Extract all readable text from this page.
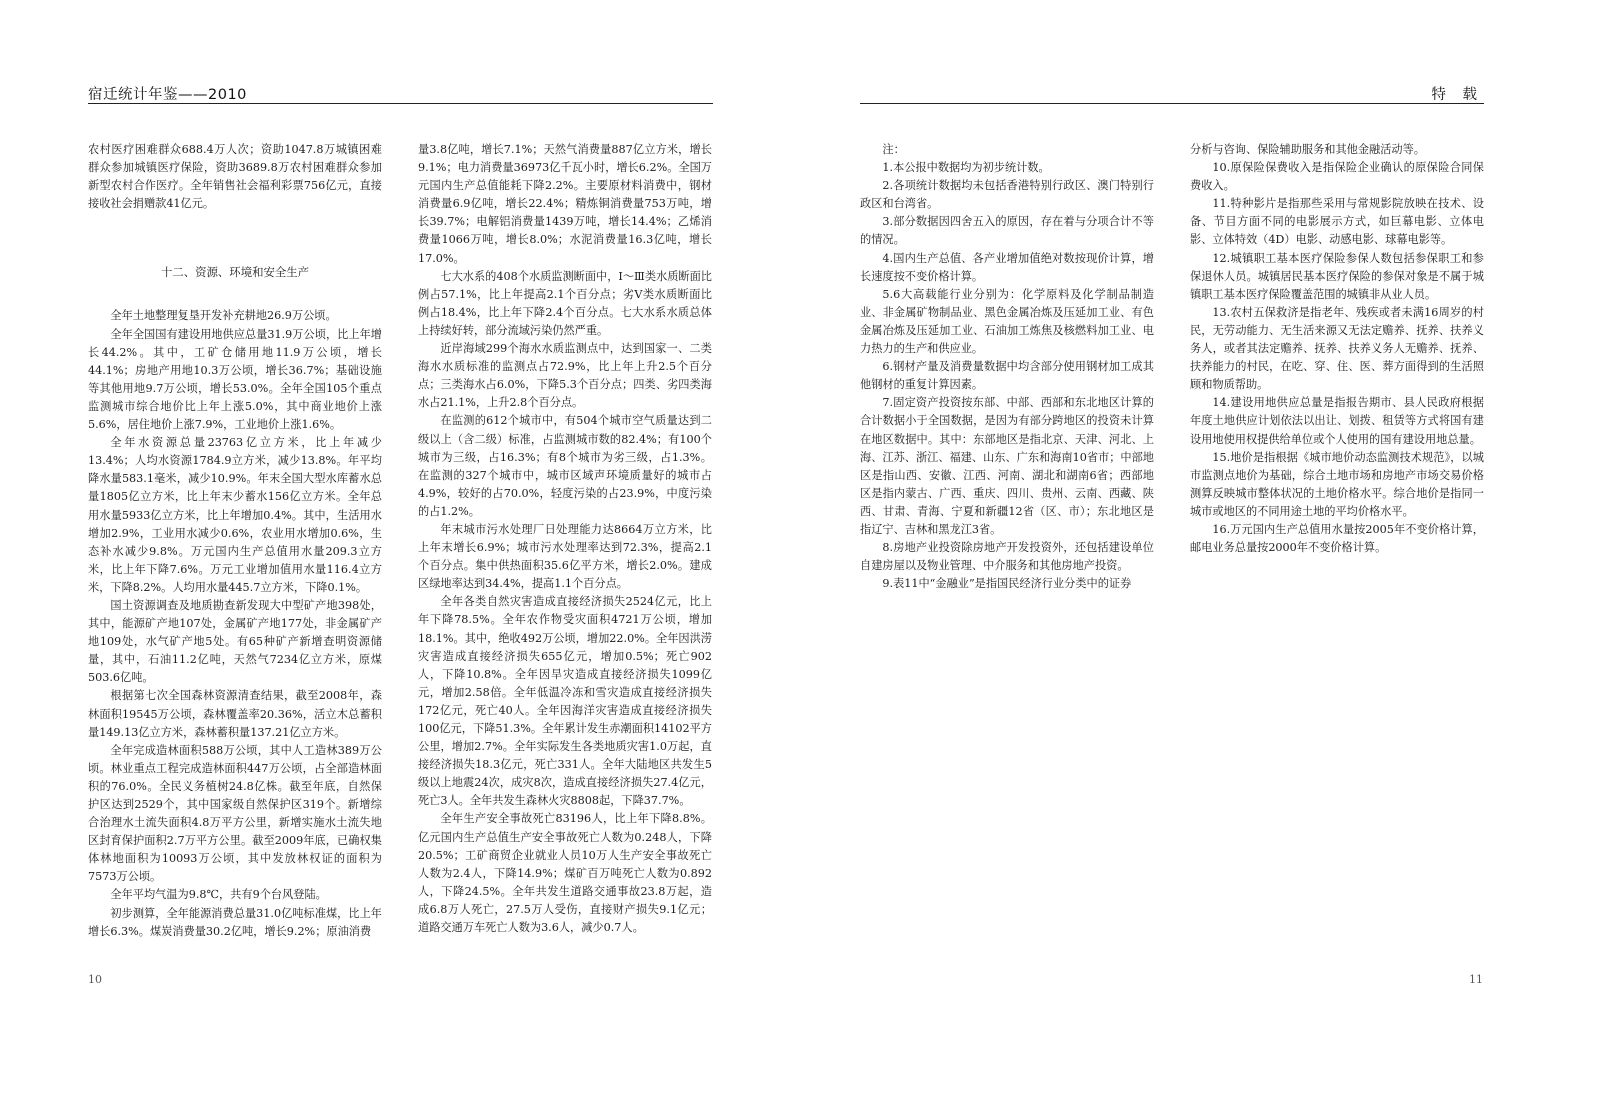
宿迁统计年鉴——2010

农村医疗困难群众688.4万人次；资助1047.8万城镇困难群众参加城镇医疗保险，资助3689.8万农村困难群众参加新型农村合作医疗。全年销售社会福利彩票756亿元，直接接收社会捐赠款41亿元。

十二、资源、环境和安全生产

全年土地整理复垦开发补充耕地26.9万公顷。

全年全国国有建设用地供应总量31.9万公顷，比上年增长44.2%。其中，工矿仓储用地11.9万公顷，增长44.1%；房地产用地10.3万公顷，增长36.7%；基础设施等其他用地9.7万公顷，增长53.0%。全年全国105个重点监测城市综合地价比上年上涨5.0%，其中商业地价上涨5.6%，居住地价上涨7.9%，工业地价上涨1.6%。

全年水资源总量23763亿立方米，比上年减少13.4%；人均水资源1784.9立方米，减少13.8%。年平均降水量583.1毫米，减少10.9%。年末全国大型水库蓄水总量1805亿立方米，比上年末少蓄水156亿立方米。全年总用水量5933亿立方米，比上年增加0.4%。其中，生活用水增加2.9%，工业用水减少0.6%，农业用水增加0.6%，生态补水减少9.8%。万元国内生产总值用水量209.3立方米，比上年下降7.6%。万元工业增加值用水量116.4立方米，下降8.2%。人均用水量445.7立方米，下降0.1%。

国土资源调查及地质勘查新发现大中型矿产地398处，其中，能源矿产地107处，金属矿产地177处，非金属矿产地109处，水气矿产地5处。有65种矿产新增查明资源储量，其中，石油11.2亿吨，天然气7234亿立方米，原煤503.6亿吨。

根据第七次全国森林资源清查结果，截至2008年，森林面积19545万公顷，森林覆盖率20.36%，活立木总蓄积量149.13亿立方米，森林蓄积量137.21亿立方米。

全年完成造林面积588万公顷，其中人工造林389万公顷。林业重点工程完成造林面积447万公顷，占全部造林面积的76.0%。全民义务植树24.8亿株。截至年底，自然保护区达到2529个，其中国家级自然保护区319个。新增综合治理水土流失面积4.8万平方公里，新增实施水土流失地区封育保护面积2.7万平方公里。截至2009年底，已确权集体林地面积为10093万公顷，其中发放林权证的面积为7573万公顷。

全年平均气温为9.8℃，共有9个台风登陆。

初步测算，全年能源消费总量31.0亿吨标准煤，比上年增长6.3%。煤炭消费量30.2亿吨，增长9.2%；原油消费

量3.8亿吨，增长7.1%；天然气消费量887亿立方米，增长9.1%；电力消费量36973亿千瓦小时，增长6.2%。全国万元国内生产总值能耗下降2.2%。主要原材料消费中，钢材消费量6.9亿吨，增长22.4%；精炼铜消费量753万吨，增长39.7%；电解铝消费量1439万吨，增长14.4%；乙烯消费量1066万吨，增长8.0%；水泥消费量16.3亿吨，增长17.0%。

七大水系的408个水质监测断面中，Ⅰ～Ⅲ类水质断面比例占57.1%，比上年提高2.1个百分点；劣Ⅴ类水质断面比例占18.4%，比上年下降2.4个百分点。七大水系水质总体上持续好转，部分流域污染仍然严重。

近岸海域299个海水水质监测点中，达到国家一、二类海水水质标准的监测点占72.9%，比上年上升2.5个百分点；三类海水占6.0%，下降5.3个百分点；四类、劣四类海水占21.1%，上升2.8个百分点。

在监测的612个城市中，有504个城市空气质量达到二级以上（含二级）标准，占监测城市数的82.4%；有100个城市为三级，占16.3%；有8个城市为劣三级，占1.3%。在监测的327个城市中，城市区域声环境质量好的城市占4.9%，较好的占70.0%，轻度污染的占23.9%，中度污染的占1.2%。

年末城市污水处理厂日处理能力达8664万立方米，比上年末增长6.9%；城市污水处理率达到72.3%，提高2.1个百分点。集中供热面积35.6亿平方米，增长2.0%。建成区绿地率达到34.4%，提高1.1个百分点。

全年各类自然灾害造成直接经济损失2524亿元，比上年下降78.5%。全年农作物受灾面积4721万公顷，增加18.1%。其中，绝收492万公顷，增加22.0%。全年因洪涝灾害造成直接经济损失655亿元，增加0.5%；死亡902人，下降10.8%。全年因旱灾造成直接经济损失1099亿元，增加2.58倍。全年低温冷冻和雪灾造成直接经济损失172亿元，死亡40人。全年因海洋灾害造成直接经济损失100亿元，下降51.3%。全年累计发生赤潮面积14102平方公里，增加2.7%。全年实际发生各类地质灾害1.0万起，直接经济损失18.3亿元，死亡331人。全年大陆地区共发生5级以上地震24次，成灾8次，造成直接经济损失27.4亿元，死亡3人。全年共发生森林火灾8808起，下降37.7%。

全年生产安全事故死亡83196人，比上年下降8.8%。亿元国内生产总值生产安全事故死亡人数为0.248人，下降20.5%；工矿商贸企业就业人员10万人生产安全事故死亡人数为2.4人，下降14.9%；煤矿百万吨死亡人数为0.892人，下降24.5%。全年共发生道路交通事故23.8万起，造成6.8万人死亡，27.5万人受伤，直接财产损失9.1亿元；道路交通万车死亡人数为3.6人，减少0.7人。

10
特 载

注：

1.本公报中数据均为初步统计数。

2.各项统计数据均未包括香港特别行政区、澳门特别行政区和台湾省。

3.部分数据因四舍五入的原因，存在着与分项合计不等的情况。

4.国内生产总值、各产业增加值绝对数按现价计算，增长速度按不变价格计算。

5.6大高载能行业分别为：化学原料及化学制品制造业、非金属矿物制品业、黑色金属冶炼及压延加工业、有色金属冶炼及压延加工业、石油加工炼焦及核燃料加工业、电力热力的生产和供应业。

6.钢材产量及消费量数据中均含部分使用钢材加工成其他钢材的重复计算因素。

7.固定资产投资按东部、中部、西部和东北地区计算的合计数据小于全国数据，是因为有部分跨地区的投资未计算在地区数据中。其中：东部地区是指北京、天津、河北、上海、江苏、浙江、福建、山东、广东和海南10省市；中部地区是指山西、安徽、江西、河南、湖北和湖南6省；西部地区是指内蒙古、广西、重庆、四川、贵州、云南、西藏、陕西、甘肃、青海、宁夏和新疆12省（区、市）；东北地区是指辽宁、吉林和黑龙江3省。

8.房地产业投资除房地产开发投资外，还包括建设单位自建房屋以及物业管理、中介服务和其他房地产投资。

9.表11中“金融业”是指国民经济行业分类中的证券

分析与咨询、保险辅助服务和其他金融活动等。

10.原保险保费收入是指保险企业确认的原保险合同保费收入。

11.特种影片是指那些采用与常规影院放映在技术、设备、节目方面不同的电影展示方式，如巨幕电影、立体电影、立体特效（4D）电影、动感电影、球幕电影等。

12.城镇职工基本医疗保险参保人数包括参保职工和参保退休人员。城镇居民基本医疗保险的参保对象是不属于城镇职工基本医疗保险覆盖范围的城镇非从业人员。

13.农村五保救济是指老年、残疾或者未满16周岁的村民，无劳动能力、无生活来源又无法定赡养、抚养、扶养义务人，或者其法定赡养、抚养、扶养义务人无赡养、抚养、扶养能力的村民，在吃、穿、住、医、葬方面得到的生活照顾和物质帮助。

14.建设用地供应总量是指报告期市、县人民政府根据年度土地供应计划依法以出让、划拨、租赁等方式将国有建设用地使用权提供给单位或个人使用的国有建设用地总量。

15.地价是指根据《城市地价动态监测技术规范》，以城市监测点地价为基础，综合土地市场和房地产市场交易价格测算反映城市整体状况的土地价格水平。综合地价是指同一城市或地区的不同用途土地的平均价格水平。

16.万元国内生产总值用水量按2005年不变价格计算，邮电业务总量按2000年不变价格计算。

11
